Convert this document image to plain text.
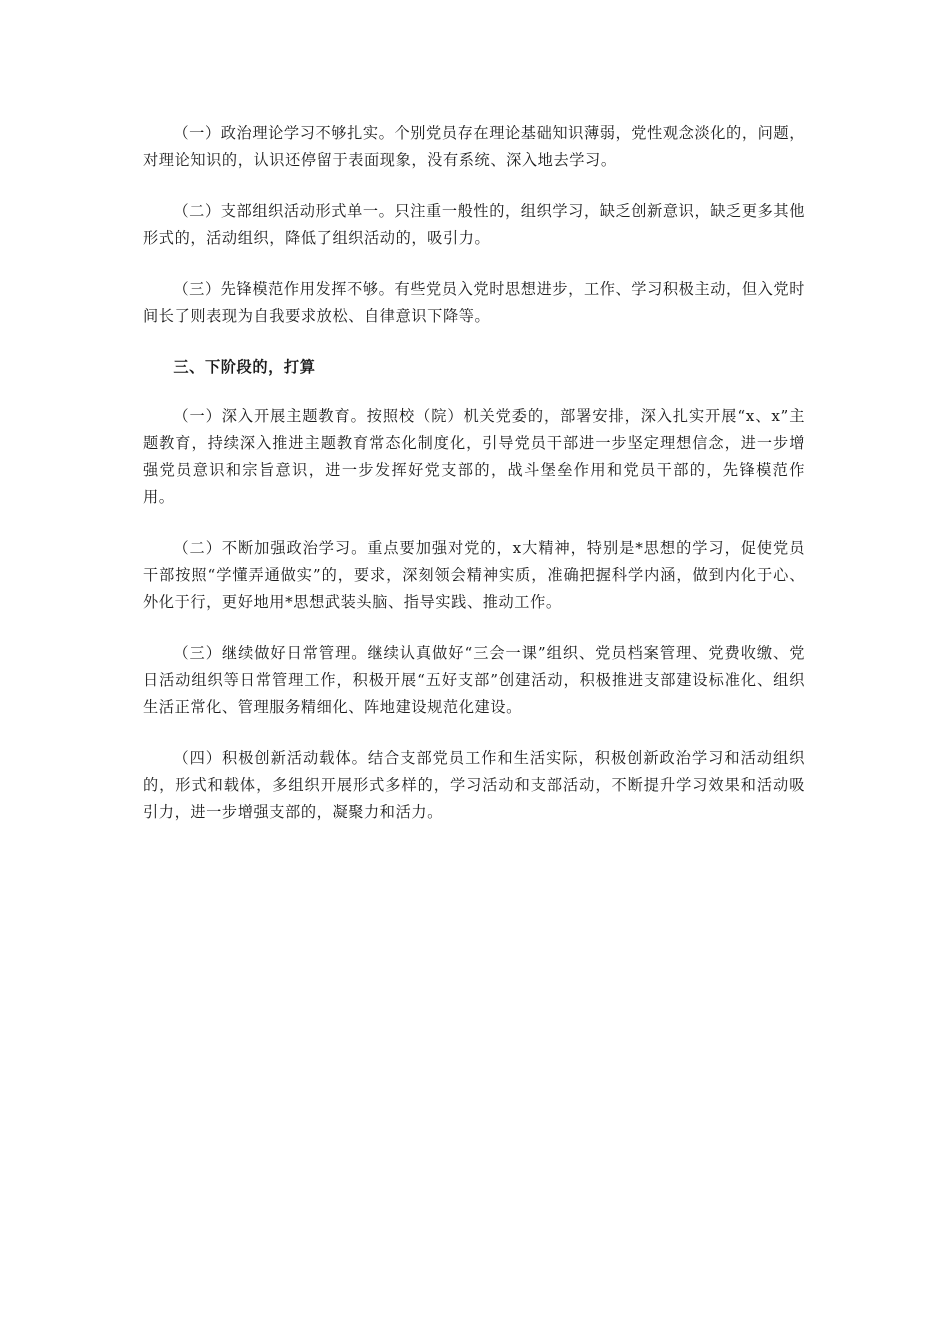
（一）政治理论学习不够扎实。个别党员存在理论基础知识薄弱，党性观念淡化的，问题，对理论知识的，认识还停留于表面现象，没有系统、深入地去学习。

（二）支部组织活动形式单一。只注重一般性的，组织学习，缺乏创新意识，缺乏更多其他形式的，活动组织，降低了组织活动的，吸引力。

（三）先锋模范作用发挥不够。有些党员入党时思想进步，工作、学习积极主动，但入党时间长了则表现为自我要求放松、自律意识下降等。

三、下阶段的，打算

（一）深入开展主题教育。按照校（院）机关党委的，部署安排，深入扎实开展“x、x”主题教育，持续深入推进主题教育常态化制度化，引导党员干部进一步坚定理想信念，进一步增强党员意识和宗旨意识，进一步发挥好党支部的，战斗堡垒作用和党员干部的，先锋模范作用。

（二）不断加强政治学习。重点要加强对党的，x大精神，特别是*思想的学习，促使党员干部按照“学懂弄通做实”的，要求，深刻领会精神实质，准确把握科学内涵，做到内化于心、外化于行，更好地用*思想武装头脑、指导实践、推动工作。

（三）继续做好日常管理。继续认真做好“三会一课”组织、党员档案管理、党费收缴、党日活动组织等日常管理工作，积极开展“五好支部”创建活动，积极推进支部建设标准化、组织生活正常化、管理服务精细化、阵地建设规范化建设。

（四）积极创新活动载体。结合支部党员工作和生活实际，积极创新政治学习和活动组织的，形式和载体，多组织开展形式多样的，学习活动和支部活动，不断提升学习效果和活动吸引力，进一步增强支部的，凝聚力和活力。
